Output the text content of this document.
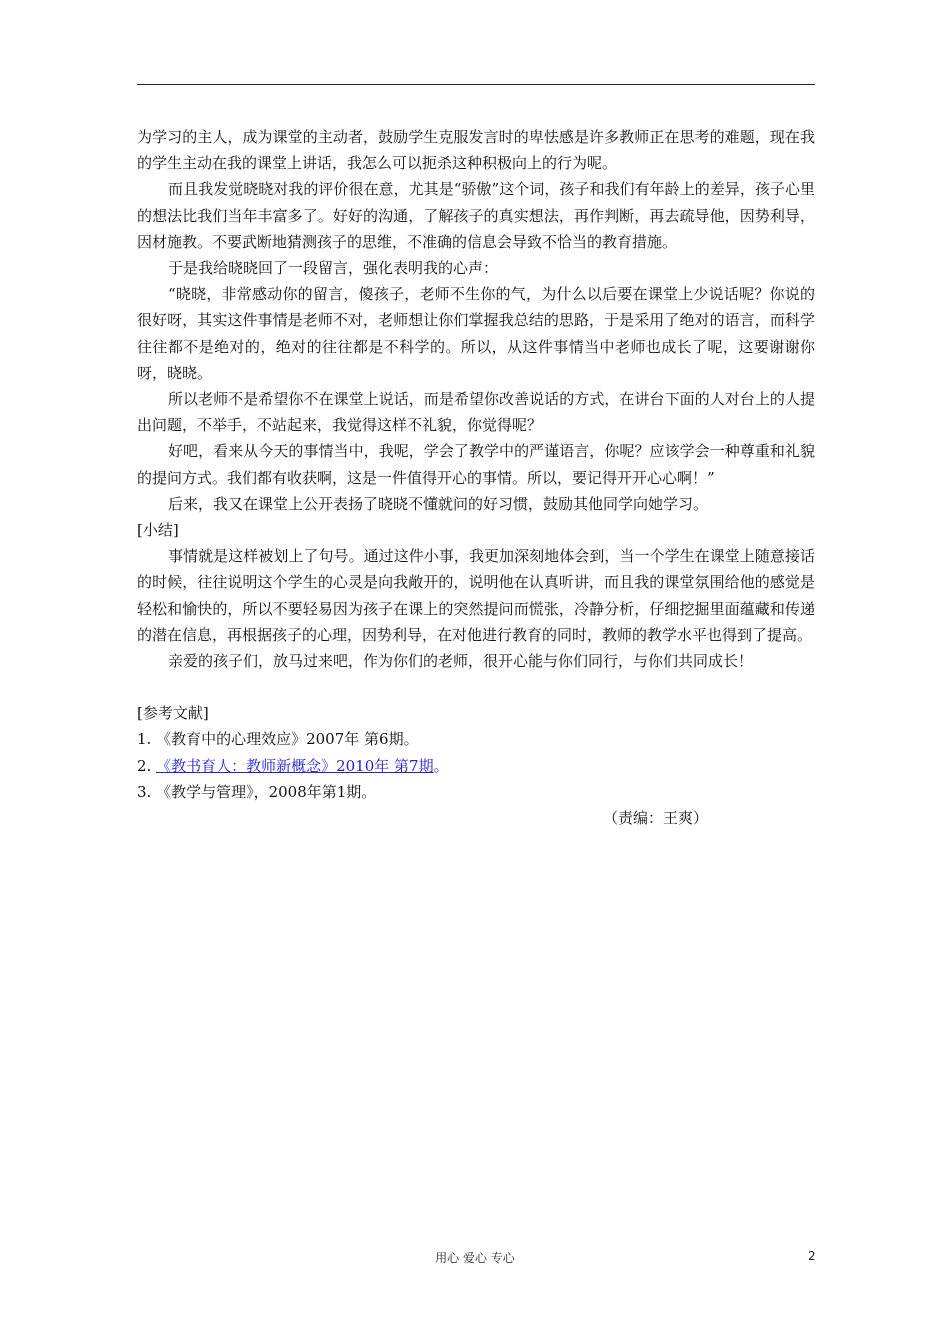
为学习的主人，成为课堂的主动者，鼓励学生克服发言时的卑怯感是许多教师正在思考的难题，现在我的学生主动在我的课堂上讲话，我怎么可以扼杀这种积极向上的行为呢。

而且我发觉晓晓对我的评价很在意，尤其是“骄傲”这个词，孩子和我们有年龄上的差异，孩子心里的想法比我们当年丰富多了。好好的沟通，了解孩子的真实想法，再作判断，再去疏导他，因势利导，因材施教。不要武断地猜测孩子的思维，不准确的信息会导致不恰当的教育措施。

于是我给晓晓回了一段留言，强化表明我的心声：

“晓晓，非常感动你的留言，傻孩子，老师不生你的气，为什么以后要在课堂上少说话呢？你说的很好呀，其实这件事情是老师不对，老师想让你们掌握我总结的思路，于是采用了绝对的语言，而科学往往都不是绝对的，绝对的往往都是不科学的。所以，从这件事情当中老师也成长了呢，这要谢谢你呀，晓晓。

所以老师不是希望你不在课堂上说话，而是希望你改善说话的方式，在讲台下面的人对台上的人提出问题，不举手，不站起来，我觉得这样不礼貌，你觉得呢？

好吧，看来从今天的事情当中，我呢，学会了教学中的严谨语言，你呢？应该学会一种尊重和礼貌的提问方式。我们都有收获啊，这是一件值得开心的事情。所以，要记得开开心心啊！”

后来，我又在课堂上公开表扬了晓晓不懂就问的好习惯，鼓励其他同学向她学习。

[小结]

事情就是这样被划上了句号。通过这件小事，我更加深刻地体会到，当一个学生在课堂上随意接话的时候，往往说明这个学生的心灵是向我敞开的，说明他在认真听讲，而且我的课堂氛围给他的感觉是轻松和愉快的，所以不要轻易因为孩子在课上的突然提问而慌张，冷静分析，仔细挖掘里面蕴藏和传递的潜在信息，再根据孩子的心理，因势利导，在对他进行教育的同时，教师的教学水平也得到了提高。

亲爱的孩子们，放马过来吧，作为你们的老师，很开心能与你们同行，与你们共同成长！

[参考文献]

1. 《教育中的心理效应》2007年 第6期。

2. 《教书育人：教师新概念》2010年 第7期。

3. 《教学与管理》，2008年第1期。

（责编：王爽）

用心 爱心 专心	2
